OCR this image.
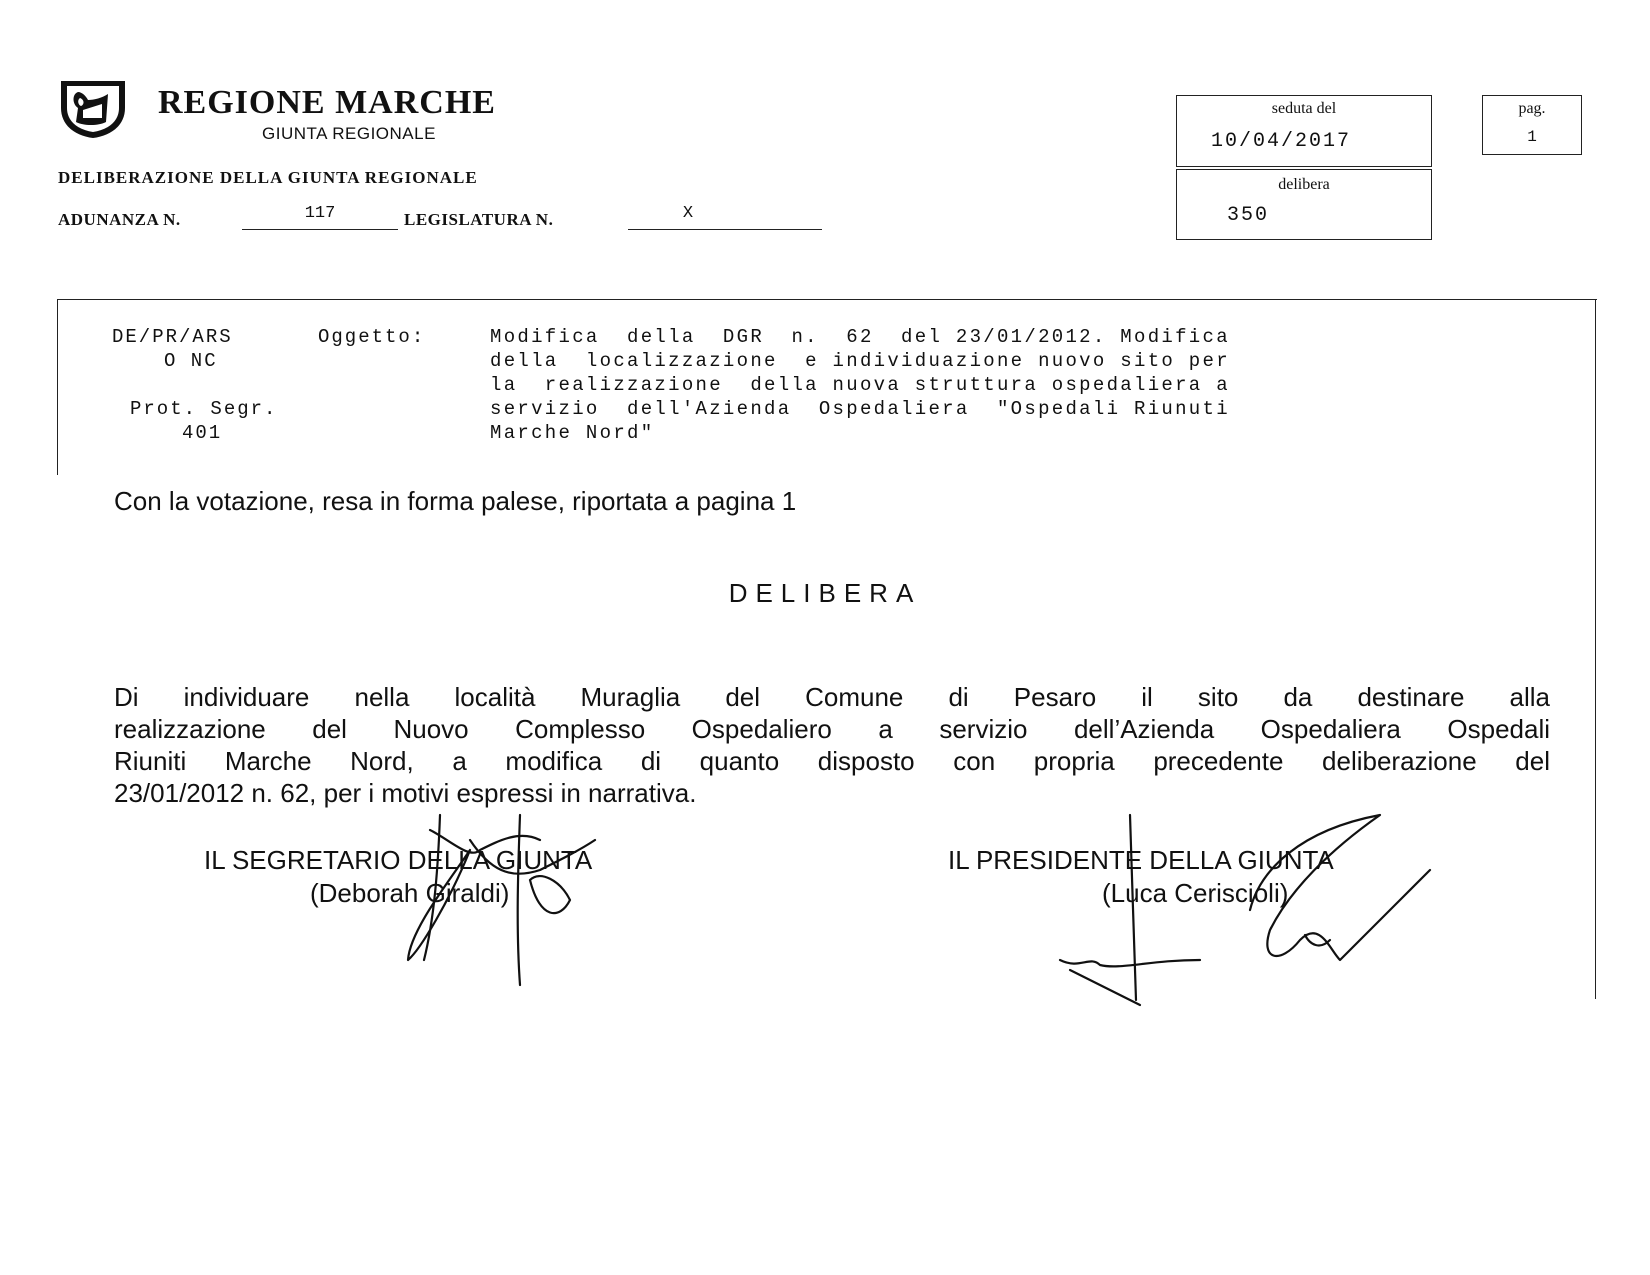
REGIONE MARCHE
GIUNTA REGIONALE
DELIBERAZIONE DELLA GIUNTA REGIONALE
ADUNANZA N.	117	LEGISLATURA N.	X
seduta del
10/04/2017
delibera
350
pag.
1
DE/PR/ARS
O NC
Prot. Segr.
401
Oggetto:	Modifica  della  DGR  n.  62  del 23/01/2012. Modifica
della  localizzazione  e individuazione nuovo sito per
la  realizzazione  della nuova struttura ospedaliera a
servizio  dell'Azienda  Ospedaliera  "Ospedali Riunuti
Marche Nord"
Con la votazione, resa in forma palese, riportata a pagina 1
DELIBERA
Di individuare nella località Muraglia del Comune di Pesaro il sito da destinare alla
realizzazione del Nuovo Complesso Ospedaliero a servizio dell’Azienda Ospedaliera Ospedali
Riuniti Marche Nord, a modifica di quanto disposto con propria precedente deliberazione del
23/01/2012 n. 62, per i motivi espressi in narrativa.
IL SEGRETARIO DELLA GIUNTA
(Deborah Giraldi)
IL PRESIDENTE DELLA GIUNTA
(Luca Ceriscioli)
